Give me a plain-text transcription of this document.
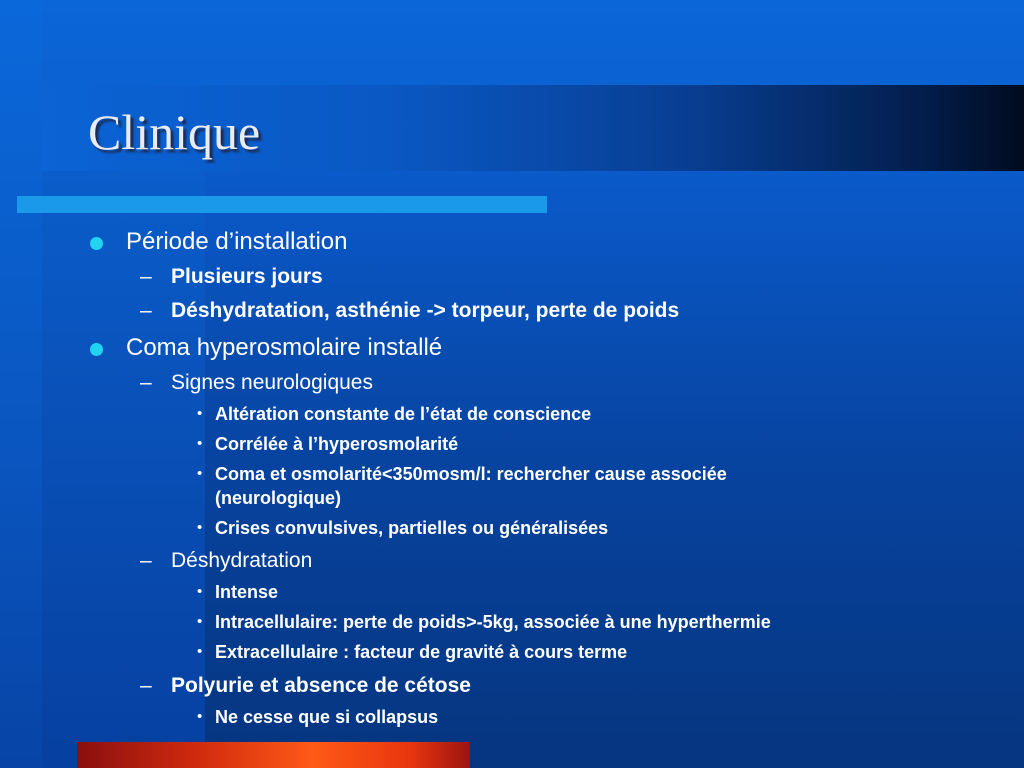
Clinique
Période d’installation
– Plusieurs jours
– Déshydratation, asthénie -> torpeur, perte de poids
Coma hyperosmolaire installé
– Signes neurologiques
• Altération constante de l’état de conscience
• Corrélée à l’hyperosmolarité
• Coma et osmolarité<350mosm/l: rechercher cause associée
(neurologique)
• Crises convulsives, partielles ou généralisées
– Déshydratation
• Intense
• Intracellulaire: perte de poids>-5kg, associée à une hyperthermie
• Extracellulaire : facteur de gravité à cours terme
– Polyurie et absence de cétose
• Ne cesse que si collapsus
